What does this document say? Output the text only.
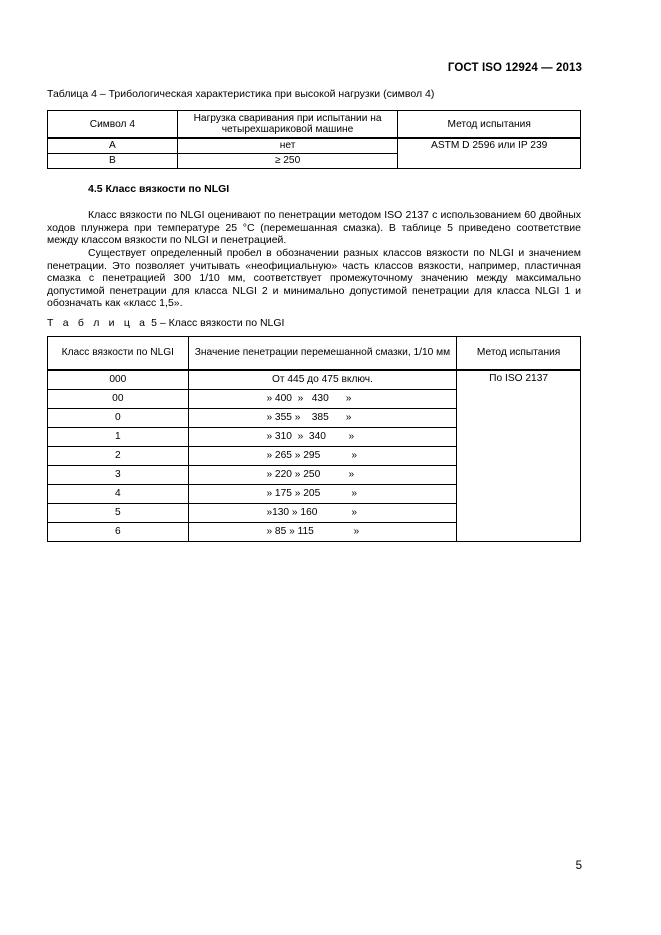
ГОСТ ISO 12924 — 2013
Таблица 4 – Трибологическая характеристика при высокой нагрузки (символ 4)
Символ 4	Нагрузка сваривания при испытании на четырехшариковой машине	Метод испытания
А	нет	ASTM D 2596 или IP 239
В	≥ 250	
4.5 Класс вязкости по NLGI

Класс вязкости по NLGI оценивают по пенетрации методом ISO 2137 с использованием 60 двойных ходов плунжера при температуре 25 °С (перемешанная смазка). В таблице 5 приведено соответствие между классом вязкости по NLGI и пенетрацией.

Существует определенный пробел в обозначении разных классов вязкости по NLGI и значением пенетрации. Это позволяет учитывать «неофициальную» часть классов вязкости, например, пластичная смазка с пенетрацией 300 1/10 мм, соответствует промежуточному значению между максимально допустимой пенетрации для класса NLGI 2 и минимально допустимой пенетрации для класса NLGI 1 и обозначать как «класс 1,5».

Т а б л и ц а 5 – Класс вязкости по NLGI
Класс вязкости по NLGI	Значение пенетрации перемешанной смазки, 1/10 мм	Метод испытания
000	От 445 до 475 включ.	По ISO 2137
00	» 400  »   430      »	
0	» 355 »    385      »	
1	» 310  »  340        »	
2	» 265 » 295           »	
3	» 220 » 250          »	
4	» 175 » 205           »	
5	»130 » 160            »	
6	» 85 » 115              »	
5
